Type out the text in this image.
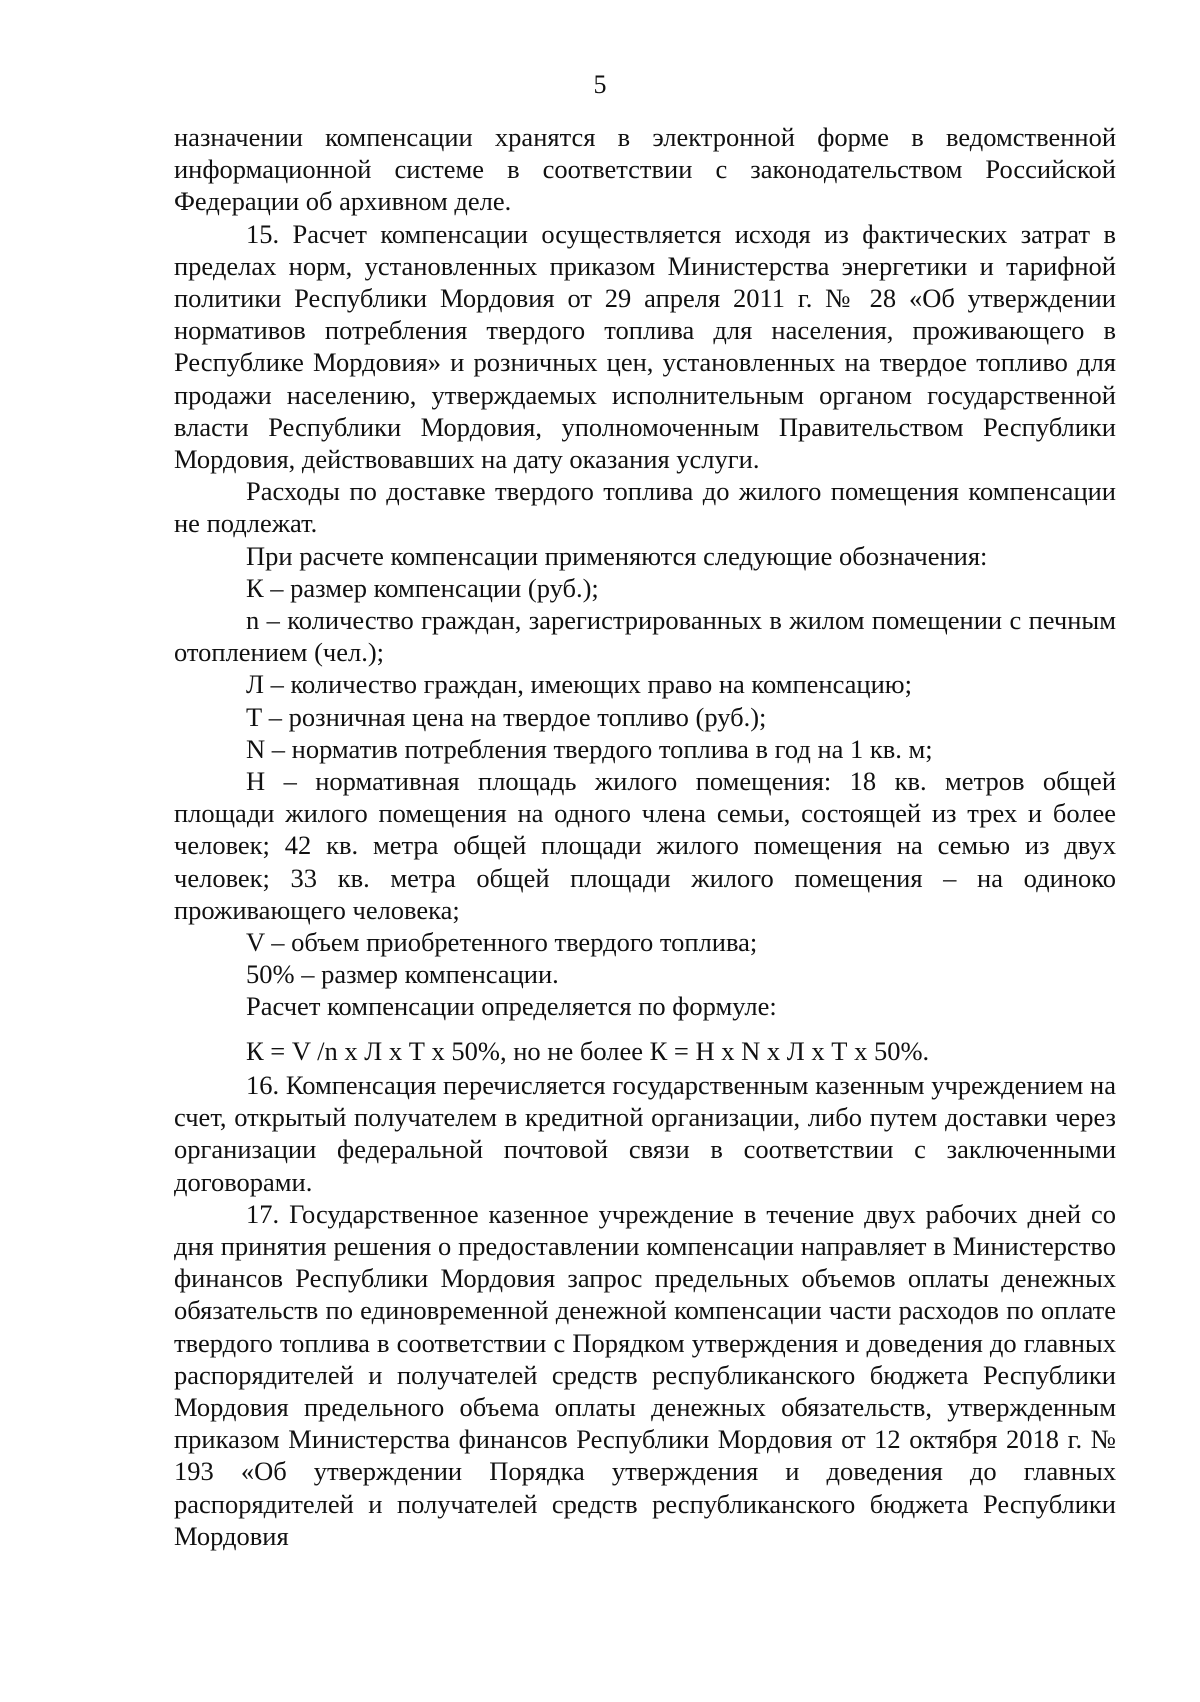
5

назначении компенсации хранятся в электронной форме в ведомственной информационной системе в соответствии с законодательством Российской Федерации об архивном деле.

15. Расчет компенсации осуществляется исходя из фактических затрат в пределах норм, установленных приказом Министерства энергетики и тарифной политики Республики Мордовия от 29 апреля 2011 г. № 28 «Об утверждении нормативов потребления твердого топлива для населения, проживающего в Республике Мордовия» и розничных цен, установленных на твердое топливо для продажи населению, утверждаемых исполнительным органом государственной власти Республики Мордовия, уполномоченным Правительством Республики Мордовия, действовавших на дату оказания услуги.

Расходы по доставке твердого топлива до жилого помещения компенсации не подлежат.

При расчете компенсации применяются следующие обозначения:

К – размер компенсации (руб.);

n – количество граждан, зарегистрированных в жилом помещении с печным отоплением (чел.);

Л – количество граждан, имеющих право на компенсацию;

Т – розничная цена на твердое топливо (руб.);

N – норматив потребления твердого топлива в год на 1 кв. м;

Н – нормативная площадь жилого помещения: 18 кв. метров общей площади жилого помещения на одного члена семьи, состоящей из трех и более человек; 42 кв. метра общей площади жилого помещения на семью из двух человек; 33 кв. метра общей площади жилого помещения – на одиноко проживающего человека;

V – объем приобретенного твердого топлива;

50% – размер компенсации.

Расчет компенсации определяется по формуле:

К = V /n х Л х Т х 50%, но не более К = Н х N х Л х Т х 50%.

16. Компенсация перечисляется государственным казенным учреждением на счет, открытый получателем в кредитной организации, либо путем доставки через организации федеральной почтовой связи в соответствии с заключенными договорами.

17. Государственное казенное учреждение в течение двух рабочих дней со дня принятия решения о предоставлении компенсации направляет в Министерство финансов Республики Мордовия запрос предельных объемов оплаты денежных обязательств по единовременной денежной компенсации части расходов по оплате твердого топлива в соответствии с Порядком утверждения и доведения до главных распорядителей и получателей средств республиканского бюджета Республики Мордовия предельного объема оплаты денежных обязательств, утвержденным приказом Министерства финансов Республики Мордовия от 12 октября 2018 г. № 193 «Об утверждении Порядка утверждения и доведения до главных распорядителей и получателей средств республиканского бюджета Республики Мордовия
